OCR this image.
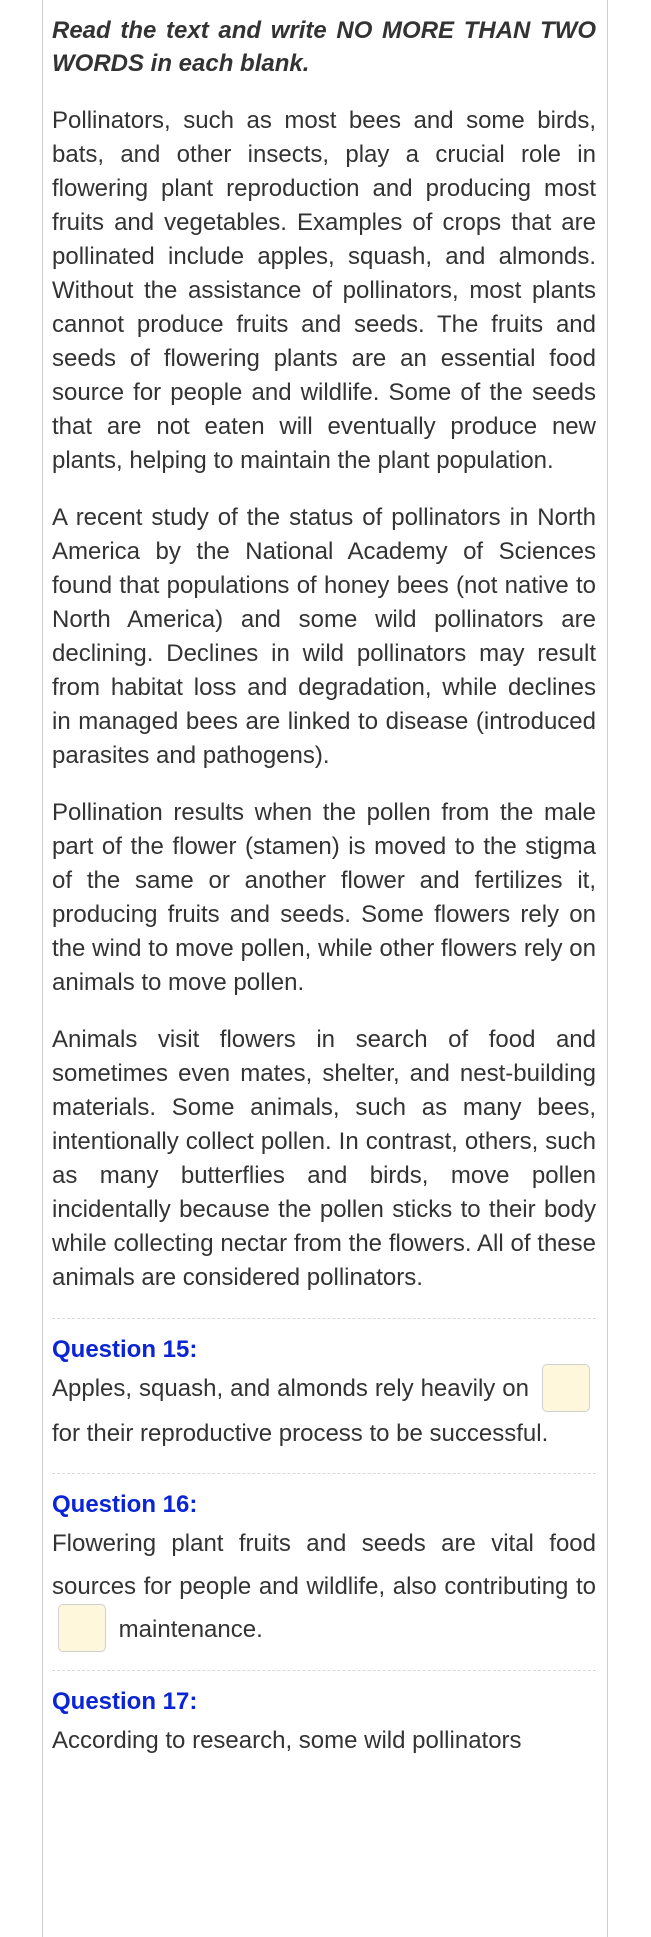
Read the text and write NO MORE THAN TWO WORDS in each blank.

Pollinators, such as most bees and some birds, bats, and other insects, play a crucial role in flowering plant reproduction and producing most fruits and vegetables. Examples of crops that are pollinated include apples, squash, and almonds. Without the assistance of pollinators, most plants cannot produce fruits and seeds. The fruits and seeds of flowering plants are an essential food source for people and wildlife. Some of the seeds that are not eaten will eventually produce new plants, helping to maintain the plant population.

A recent study of the status of pollinators in North America by the National Academy of Sciences found that populations of honey bees (not native to North America) and some wild pollinators are declining. Declines in wild pollinators may result from habitat loss and degradation, while declines in managed bees are linked to disease (introduced parasites and pathogens).

Pollination results when the pollen from the male part of the flower (stamen) is moved to the stigma of the same or another flower and fertilizes it, producing fruits and seeds. Some flowers rely on the wind to move pollen, while other flowers rely on animals to move pollen.

Animals visit flowers in search of food and sometimes even mates, shelter, and nest-building materials. Some animals, such as many bees, intentionally collect pollen. In contrast, others, such as many butterflies and birds, move pollen incidentally because the pollen sticks to their body while collecting nectar from the flowers. All of these animals are considered pollinators.

Question 15:

Apples, squash, and almonds rely heavily on  for their reproductive process to be successful.

Question 16:

Flowering plant fruits and seeds are vital food sources for people and wildlife, also contributing to  maintenance.

Question 17:

According to research, some wild pollinators
